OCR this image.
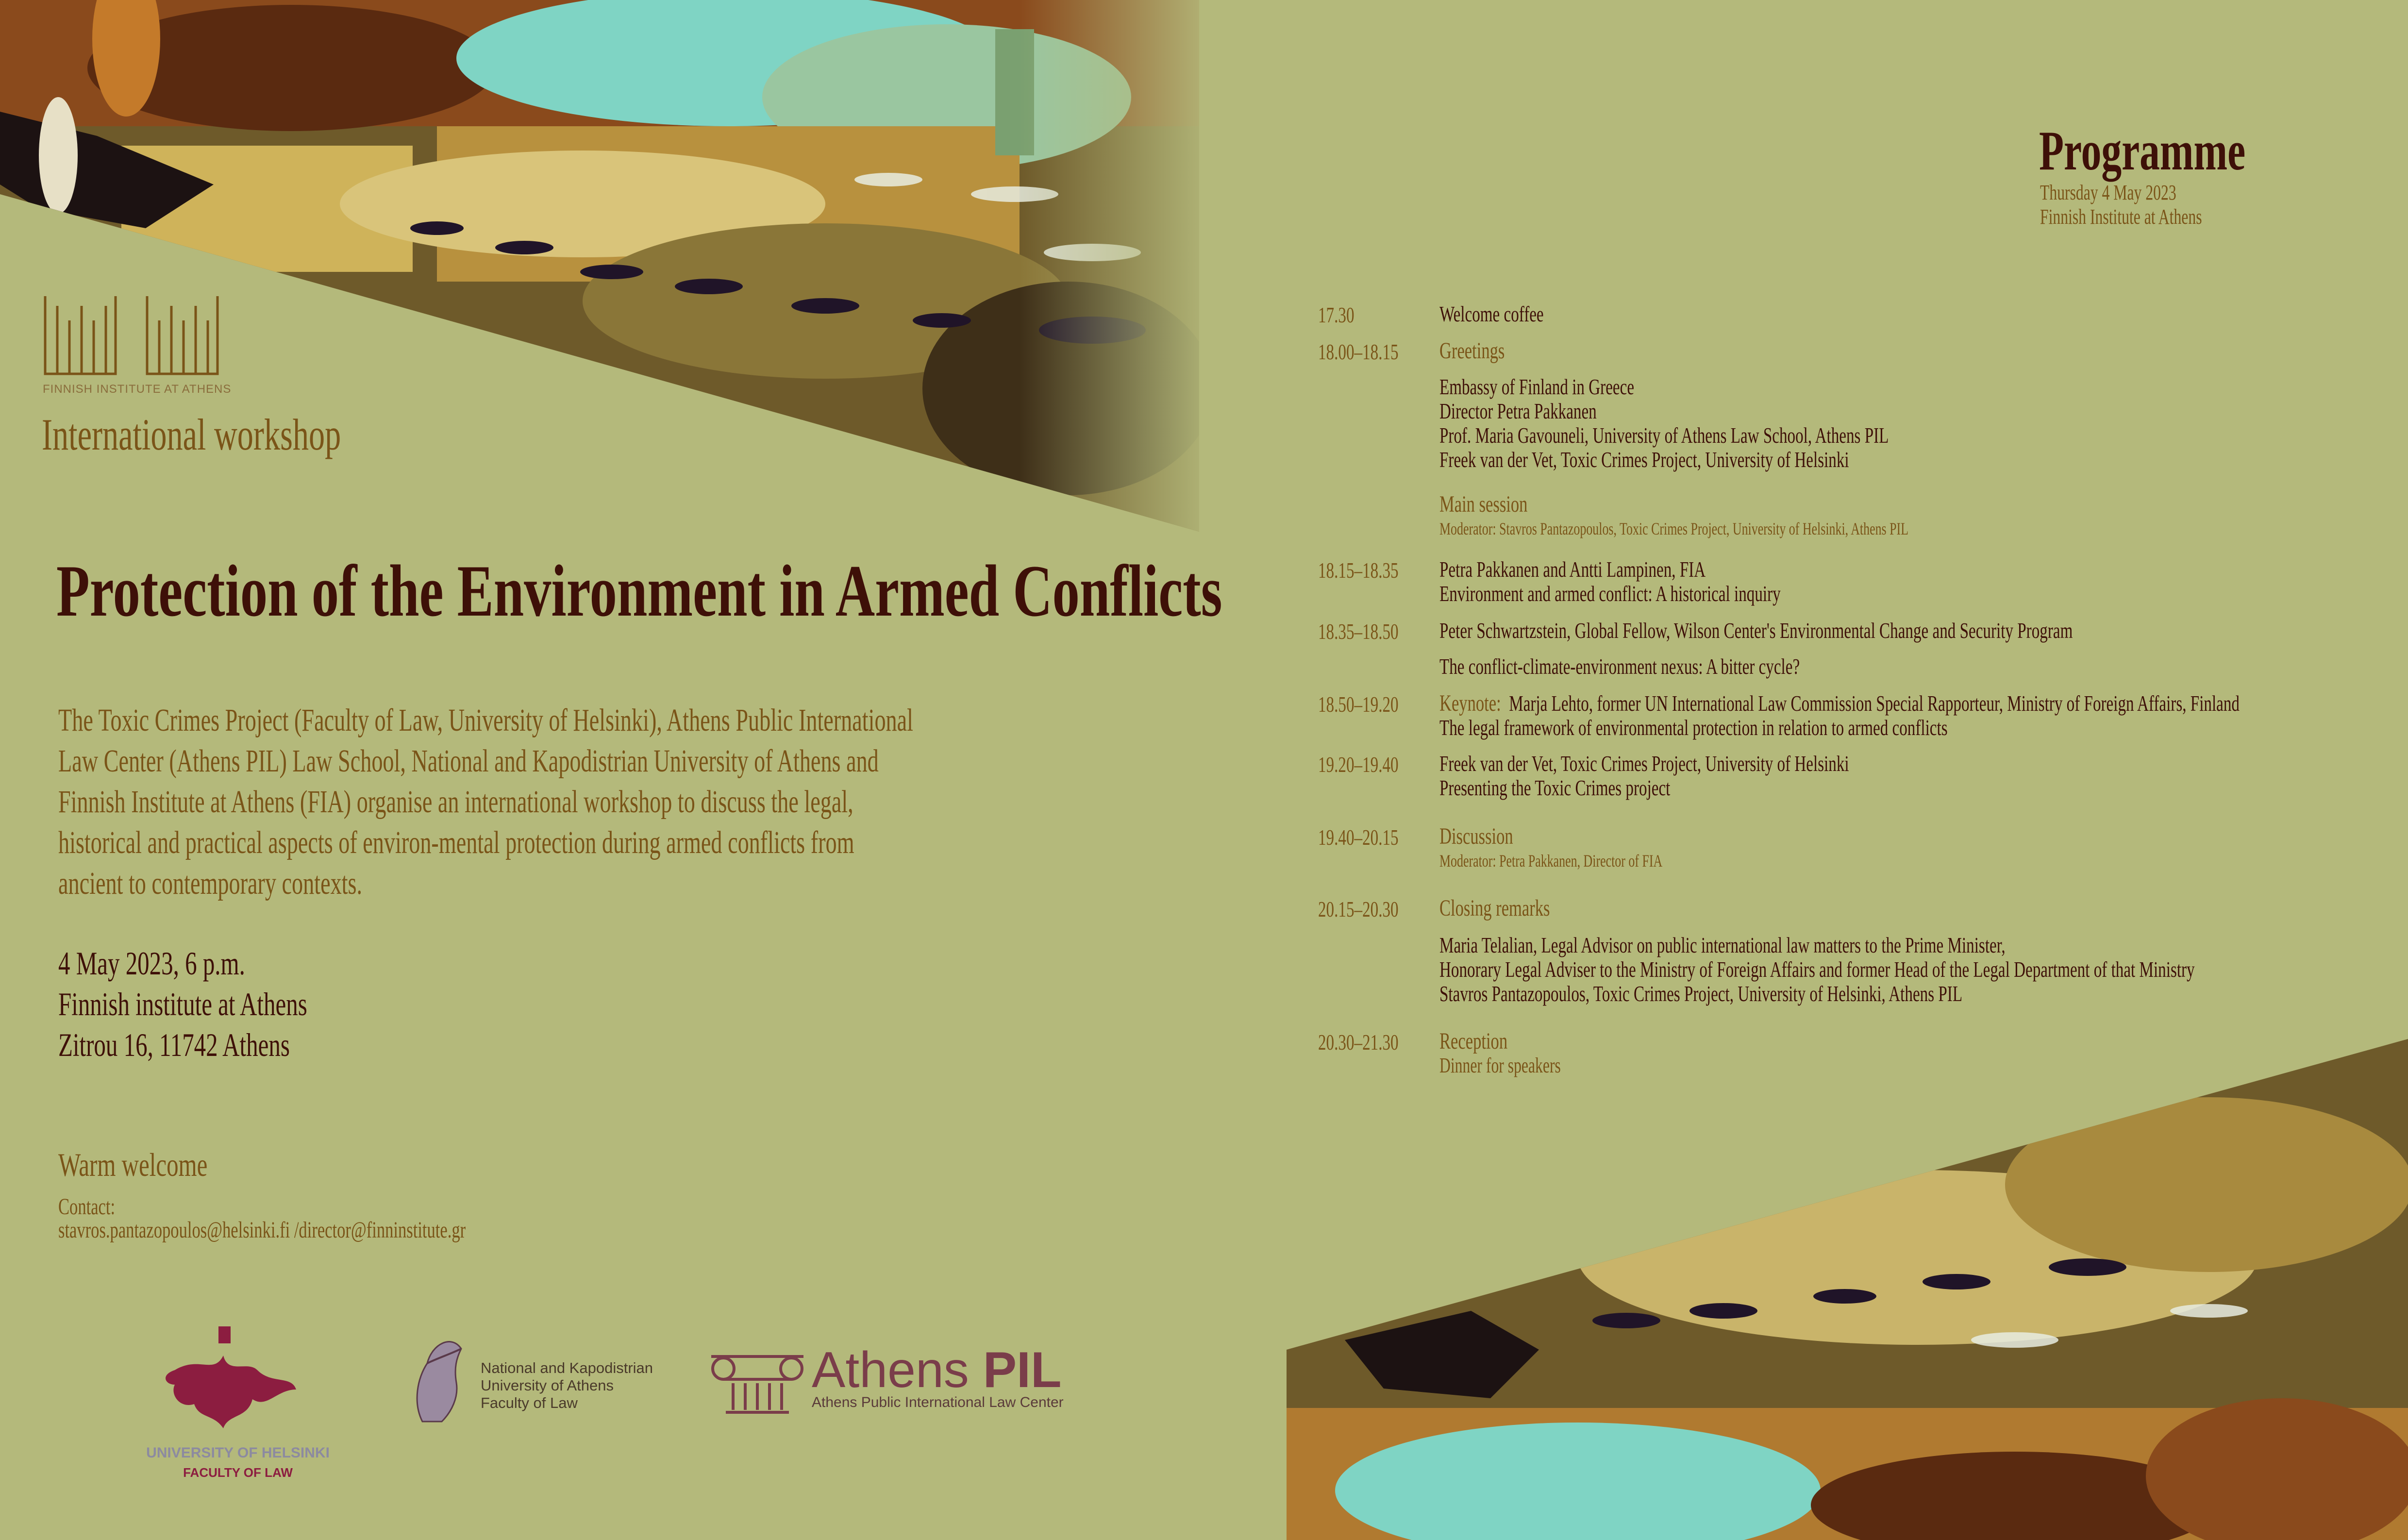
FINNISH INSTITUTE AT ATHENS
International workshop
Protection of the Environment in Armed Conflicts

The Toxic Crimes Project (Faculty of Law, University of Helsinki), Athens Public International Law Center (Athens PIL) Law School, National and Kapodistrian University of Athens and Finnish Institute at Athens (FIA) organise an international workshop to discuss the legal, historical and practical aspects of environ-mental protection during armed conflicts from ancient to contemporary contexts.

4 May 2023, 6 p.m.
Finnish institute at Athens
Zitrou 16, 11742 Athens
Warm welcome
Contact:
stavros.pantazopoulos@helsinki.fi /director@finninstitute.gr
UNIVERSITY OF HELSINKI
FACULTY OF LAW
National and Kapodistrian
University of Athens
Faculty of Law
Athens PIL
Athens Public International Law Center
Programme
Thursday 4 May 2023
Finnish Institute at Athens
17.30	Welcome coffee
18.00–18.15 Greetings
Embassy of Finland in Greece
Director Petra Pakkanen
Prof. Maria Gavouneli, University of Athens Law School, Athens PIL
Freek van der Vet, Toxic Crimes Project, University of Helsinki
Main session
Moderator: Stavros Pantazopoulos, Toxic Crimes Project, University of Helsinki, Athens PIL
18.15–18.35 Petra Pakkanen and Antti Lampinen, FIA
Environment and armed conflict: A historical inquiry
18.35–18.50 Peter Schwartzstein, Global Fellow, Wilson Center's Environmental Change and Security Program
The conflict-climate-environment nexus: A bitter cycle?
18.50–19.20 Keynote: Marja Lehto, former UN International Law Commission Special Rapporteur, Ministry of Foreign Affairs, Finland
The legal framework of environmental protection in relation to armed conflicts
19.20–19.40 Freek van der Vet, Toxic Crimes Project, University of Helsinki
Presenting the Toxic Crimes project
19.40–20.15 Discussion
Moderator: Petra Pakkanen, Director of FIA
20.15–20.30 Closing remarks
Maria Telalian, Legal Advisor on public international law matters to the Prime Minister,
Honorary Legal Adviser to the Ministry of Foreign Affairs and former Head of the Legal Department of that Ministry
Stavros Pantazopoulos, Toxic Crimes Project, University of Helsinki, Athens PIL
20.30–21.30 Reception
Dinner for speakers
